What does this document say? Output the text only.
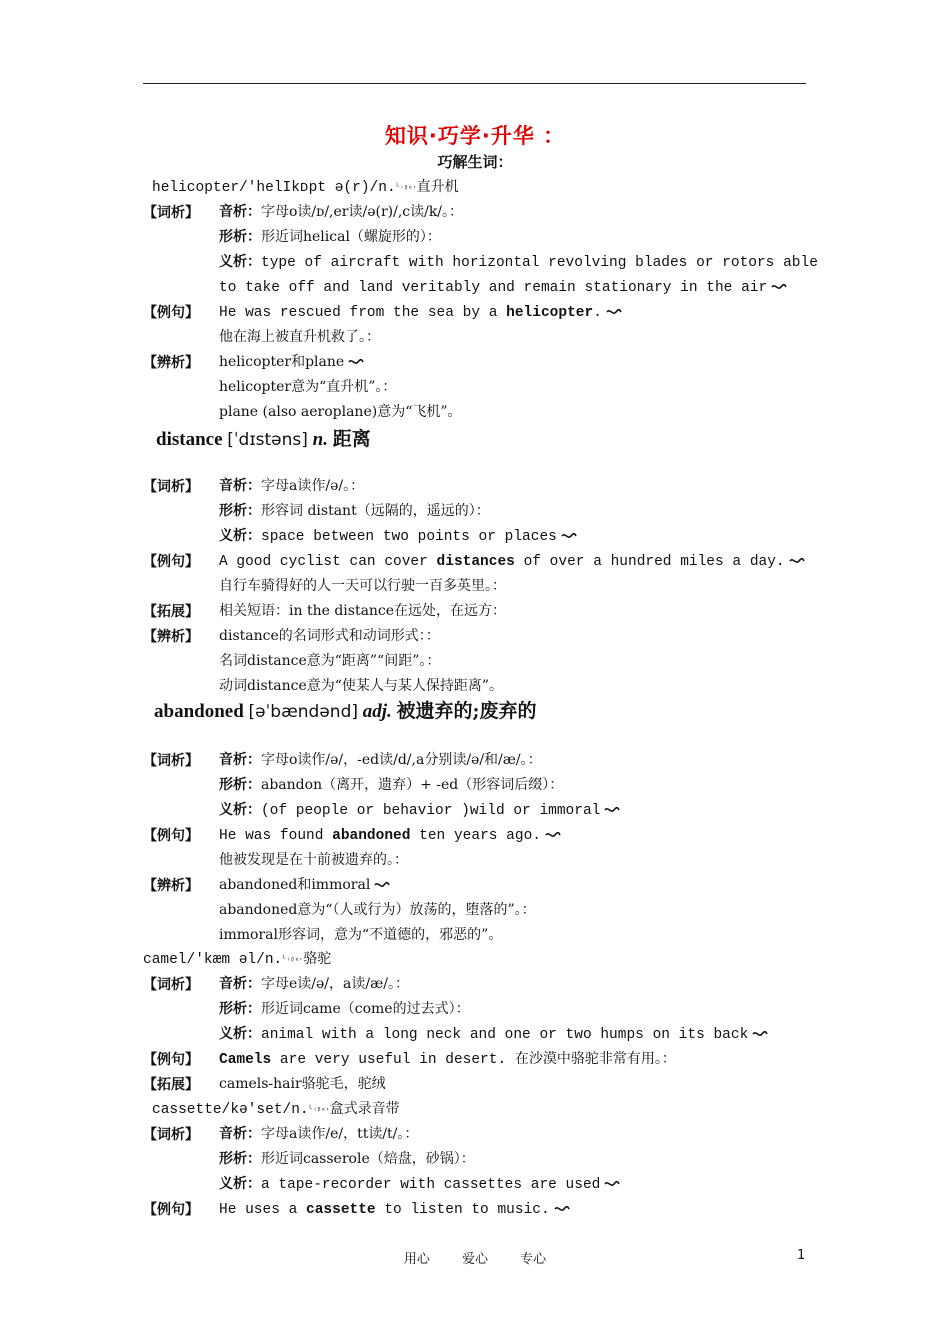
知识·巧学·升华 ：
巧解生词：
helicopter/′helIkᴅpt ə(r)/n.ᴸᵢᵦₑᵣ直升机
【词析】 音析：字母o读/ᴅ/,er读/ə(r)/,c读/k/。：
形析：形近词helical（螺旋形的）：
义析：type of aircraft with horizontal revolving blades or rotors able
to take off and land veritably and remain stationary in the air
【例句】 He was rescued from the sea by a helicopter.
他在海上被直升机救了。：
【辨析】 helicopter和plane
helicopter意为“直升机”。：
plane (also aeroplane)意为“飞机”。
distance [ˈdɪstəns] n. 距离
【词析】 音析：字母a读作/ə/。：
形析：形容词 distant（远隔的，遥远的）：
义析：space between two points or places
【例句】 A good cyclist can cover distances of over a hundred miles a day.
自行车骑得好的人一天可以行驶一百多英里。：
【拓展】 相关短语：in the distance在远处，在远方：
【辨析】 distance的名词形式和动词形式：：
名词distance意为“距离”“间距”。：
动词distance意为“使某人与某人保持距离”。
abandoned [əˈbændənd] adj. 被遗弃的;废弃的
【词析】 音析：字母o读作/ə/，-ed读/d/,a分别读/ə/和/æ/。：
形析：abandon（离开，遗弃）+ -ed（形容词后缀）：
义析：(of people or behavior )wild or immoral
【例句】 He was found abandoned ten years ago.
他被发现是在十前被遗弃的。：
【辨析】 abandoned和immoral
abandoned意为“（人或行为）放荡的，堕落的”。：
immoral形容词，意为“不道德的，邪恶的”。
camel/′kæm əl/n.ᴸᵢᵦₑᵣ骆驼
【词析】 音析：字母e读/ə/，a读/æ/。：
形析：形近词came（come的过去式）：
义析：animal with a long neck and one or two humps on its back
【例句】 Camels are very useful in desert. 在沙漠中骆驼非常有用。：
【拓展】 camels-hair骆驼毛，驼绒
cassette/kə′set/n.ᴸᵢᵦₑᵣ盒式录音带
【词析】 音析：字母a读作/e/，tt读/t/。：
形析：形近词casserole（焙盘，砂锅）：
义析：a tape-recorder with cassettes are used
【例句】 He uses a cassette to listen to music.
用心 爱心 专心	1
